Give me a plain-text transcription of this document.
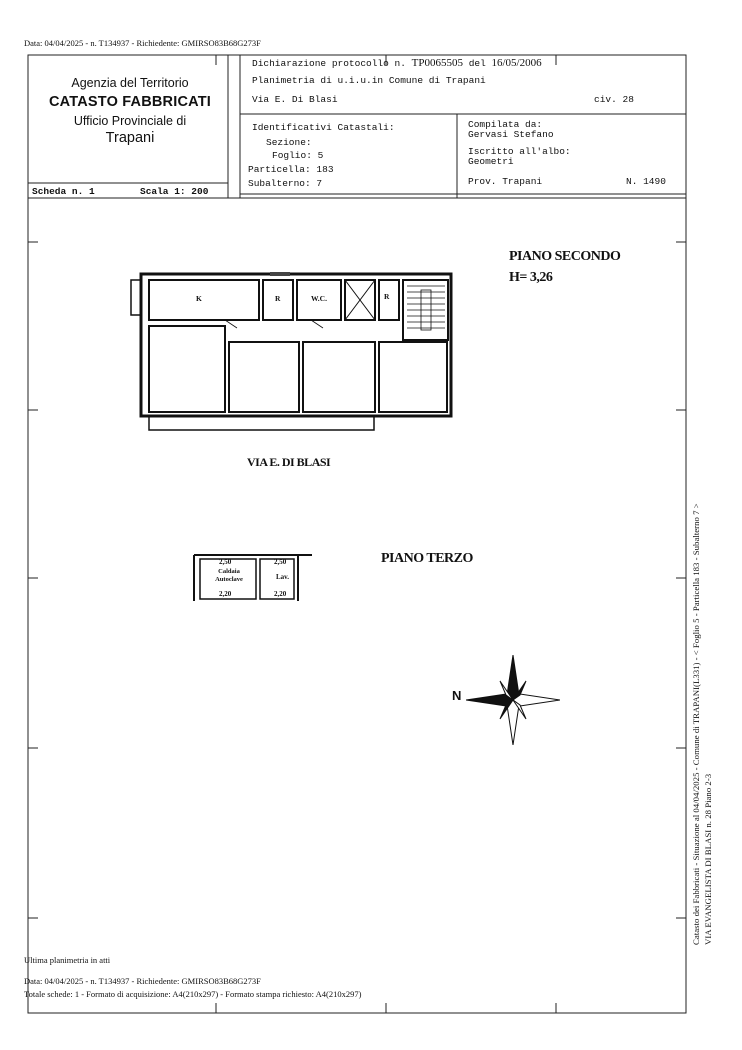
Data: 04/04/2025 - n. T134937 - Richiedente: GMIRSO83B68G273F
Agenzia del Territorio
CATASTO FABBRICATI
Ufficio Provinciale di
Trapani
Dichiarazione protocollo n. TP0065505 del 16/05/2006
Planimetria di u.i.u.in Comune di Trapani
Via E. Di Blasi	civ. 28
Identificativi Catastali:
Sezione:
Foglio: 5
Particella: 183
Subalterno: 7
Compilata da:
Gervasi Stefano
Iscritto all'albo:
Geometri
Prov. Trapani	N. 1490
Scheda n. 1	Scala 1: 200
PIANO SECONDO
H= 3,26
K	R	W.C.	R
VIA E. DI BLASI
PIANO TERZO
2,50	2,50
Caldaia Autoclave	Lav.
2,20	2,20
N	Catasto dei Fabbricati - Situazione al 04/04/2025 - Comune di TRAPANI(L331) - < Foglio 5 - Particella 183 - Subalterno 7 > VIA EVANGELISTA DI BLASI n. 28 Piano 2-3
Ultima planimetria in atti
Data: 04/04/2025 - n. T134937 - Richiedente: GMIRSO83B68G273F
Totale schede: 1 - Formato di acquisizione: A4(210x297) - Formato stampa richiesto: A4(210x297)
